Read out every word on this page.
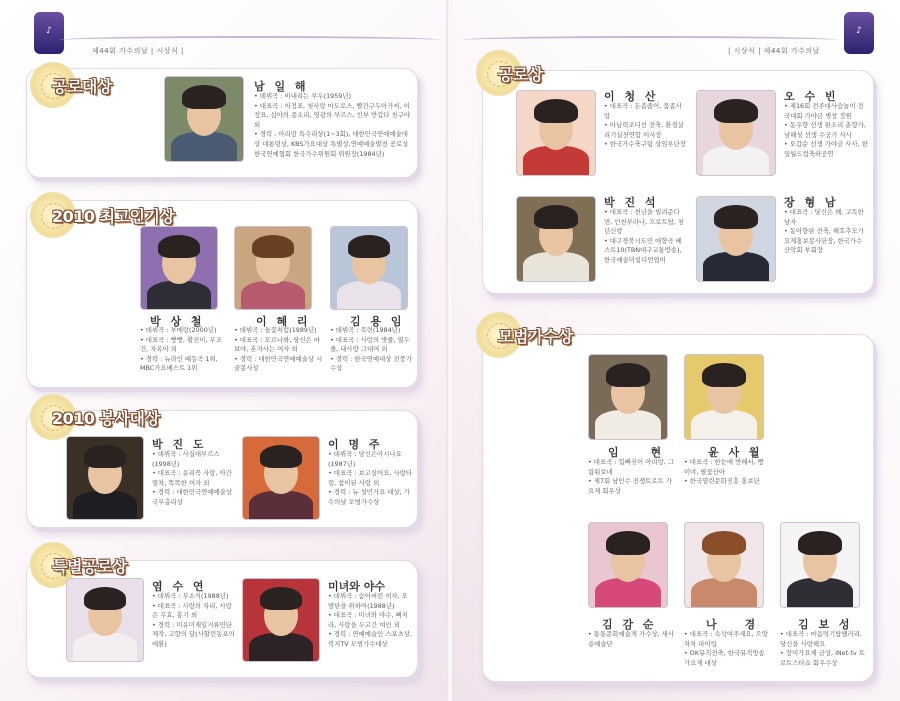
♪
제44회 가수의날 | 시상식 |
공로대상	남 일 해
• 데뷔곡 : 비내리는 부두(1959년)
• 대표곡 : 이정표, 첫사랑 마도로스, 빨간구두아가씨, 이정표, 심야의 종소리, 영광의 부르스, 인부 반갑다 친구야 외
• 경력 : 아리랑 특수리상(1~3회), 대한민국연예예술대상 대통령상, KBS가요대상 특별상,연예예술발전 공로상 한국연예협회 한국가수위원회 위원장(1984년)
2010 최고인기상
박 상 철	이 혜 리	김 용 임
• 데뷔곡 : 부메랑(2000년)
• 대표곡 : 빵빵, 황진이, 무조건, 자옥아 외
• 경력 : 뉴라인 예동곡 1위, MBC가요베스트 1위
• 데뷔곡 : 들꽃처럼(1989년)
• 대표곡 : 모르나봐, 당신은 바보야, 혼자사는 여자 외
• 경력 : 대한민국연예예술상 시골봉사상
• 데뷔곡 : 목련(1984년)
• 대표곡 : 사랑의 밧줄, 열두줄, 내사랑 그대여 외
• 경력 : 한국연예대상 진풍가수상
2010 봉사대상
박 진 도
• 데뷔곡 : 사십대부르스(1998년)
• 대표곡 : 유리꼭 사랑, 아간열차, 똑똑한 여자 외
• 경력 : 대한민국연예예술상 국무총리상
이 명 주
• 데뷔곡 : 당신은아시나요(1987년)
• 대표곡 : 보고싶어요, 사랑타령, 참이된 사랑 외
• 경력 : 뉴 성민가요 대상, 가수의날 모범가수상
특별공로상
염 수 연
• 데뷔곡 : 무소식(1988년)
• 대표곡 : 사랑의 차리, 사랑은 무효, 홍기 외
• 경력 : 미유미재일거류민단 제작, 고향의 달(사할린동포의 애환)
미녀와 야수
• 데뷔곡 : 숨어버린 여자, 오발탄을 위하여(1988년)
• 대표곡 : 미녀와 야수, 뻐저라, 사랑을 두고간 여인 외
• 경력 : 연예예술인 스포츠상, 북지TV 모범가수대상
♪
| 시상식 | 제44회 가수의날
공로상
이 청 산
• 대표곡 : 돈좀줍어, 뭄좀사랑
• 아님력조디선 전축, 환경살리기실천연합 이사장
• 한국가수축구팀 상임부단장
오 수 빈
• 제16회 전주대사습놀이 전국대회 가야금 병창 장원
• 동우향 선생 판소리 춘향가, 남해성 선생 수궁가 사사
• 오갑순 선생 가야금 사사, 한일월드컵축하공연
박 진 석
• 대표곡 : 천년을 빌려준다면, 인천부라나, 프로트탑, 천년신랑
• 대구경북시도민 애향곡 베스트10(TBN대구교통방송), 한국예술미림디언엽이
장 형 남
• 대표곡 : 당신은 왜, 고독한 남자
• 동아향판 전축, 해호추모가 요제홍보봉사단장, 한국가수산악회 부회장
모범가수상
임 현	윤 사 월
• 대표곡 : 힘빠진이 아리랑, 그립워보네
• 제7회 남인수 전쟁트로트 가요제 회우상
• 대표곡 : 한눈에 반해서, 빵이야, 팔꽃산아
• 한국열린문화진흥 홍보단
김 감 순	나 경	김 보 성
• 통통문화예술계 가수상, 새사용예술단
• 대표곡 : 속삭여주세요, 으앗차차 파이팅
• OK뮤직전축, 한국뮤직방송 가요제 대상
• 대표곡 : 마음먹기탑팰러리, 당신을 사랑해요
• 장미가요제 금상, iNet-tv 트로트스타쇼 회우수상
